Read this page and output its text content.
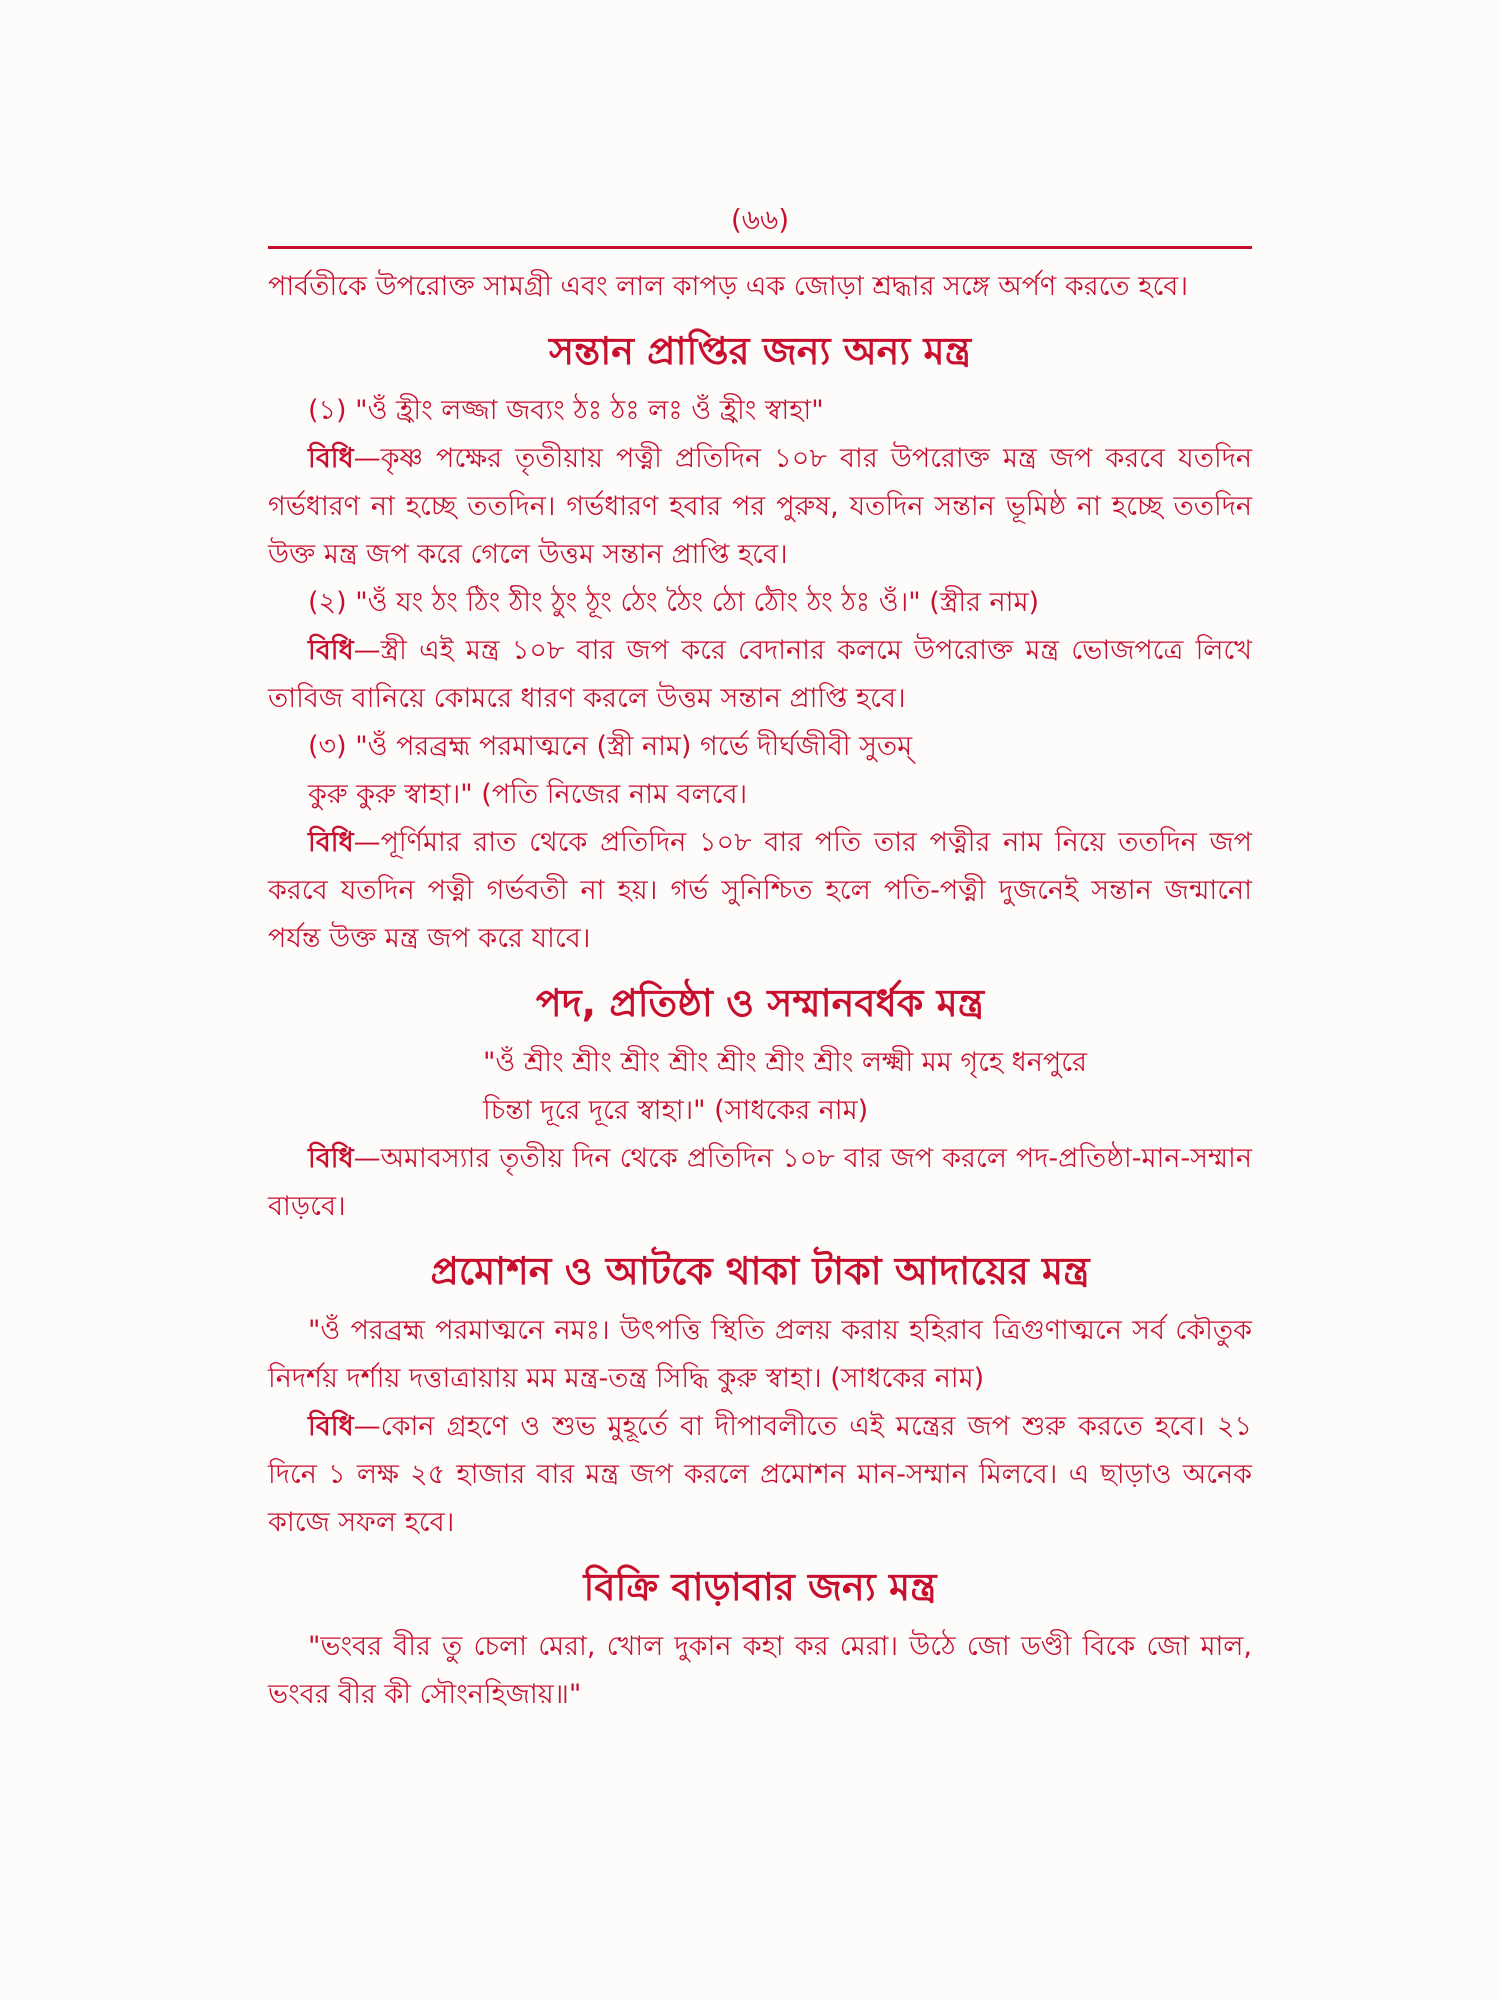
(৬৬)

পার্বতীকে উপরোক্ত সামগ্রী এবং লাল কাপড় এক জোড়া শ্রদ্ধার সঙ্গে অর্পণ করতে হবে।

সন্তান প্রাপ্তির জন্য অন্য মন্ত্র

(১) "ওঁ হ্রীং লজ্জা জব্যং ঠঃ ঠঃ লঃ ওঁ হ্রীং স্বাহা"

বিধি—কৃষ্ণ পক্ষের তৃতীয়ায় পত্নী প্রতিদিন ১০৮ বার উপরোক্ত মন্ত্র জপ করবে যতদিন গর্ভধারণ না হচ্ছে ততদিন। গর্ভধারণ হবার পর পুরুষ, যতদিন সন্তান ভূমিষ্ঠ না হচ্ছে ততদিন উক্ত মন্ত্র জপ করে গেলে উত্তম সন্তান প্রাপ্তি হবে।

(২) "ওঁ যং ঠং ঠিং ঠীং ঠুং ঠূং ঠেং ঠৈং ঠো ঠৌং ঠং ঠঃ ওঁ।" (স্ত্রীর নাম)

বিধি—স্ত্রী এই মন্ত্র ১০৮ বার জপ করে বেদানার কলমে উপরোক্ত মন্ত্র ভোজপত্রে লিখে তাবিজ বানিয়ে কোমরে ধারণ করলে উত্তম সন্তান প্রাপ্তি হবে।

(৩) "ওঁ পরব্রহ্ম পরমাত্মনে (স্ত্রী নাম) গর্ভে দীর্ঘজীবী সুতম্

কুরু কুরু স্বাহা।" (পতি নিজের নাম বলবে।

বিধি—পূর্ণিমার রাত থেকে প্রতিদিন ১০৮ বার পতি তার পত্নীর নাম নিয়ে ততদিন জপ করবে যতদিন পত্নী গর্ভবতী না হয়। গর্ভ সুনিশ্চিত হলে পতি-পত্নী দুজনেই সন্তান জন্মানো পর্যন্ত উক্ত মন্ত্র জপ করে যাবে।

পদ, প্রতিষ্ঠা ও সম্মানবর্ধক মন্ত্র

"ওঁ শ্রীং শ্রীং শ্রীং শ্রীং শ্রীং শ্রীং শ্রীং লক্ষ্মী মম গৃহে ধনপুরে

চিন্তা দূরে দূরে স্বাহা।" (সাধকের নাম)

বিধি—অমাবস্যার তৃতীয় দিন থেকে প্রতিদিন ১০৮ বার জপ করলে পদ-প্রতিষ্ঠা-মান-সম্মান বাড়বে।

প্রমোশন ও আটকে থাকা টাকা আদায়ের মন্ত্র

"ওঁ পরব্রহ্ম পরমাত্মনে নমঃ। উৎপত্তি স্থিতি প্রলয় করায় হহিরাব ত্রিগুণাত্মনে সর্ব কৌতুক নিদর্শয় দর্শায় দত্তাত্রায়ায় মম মন্ত্র-তন্ত্র সিদ্ধি কুরু স্বাহা। (সাধকের নাম)

বিধি—কোন গ্রহণে ও শুভ মুহূর্তে বা দীপাবলীতে এই মন্ত্রের জপ শুরু করতে হবে। ২১ দিনে ১ লক্ষ ২৫ হাজার বার মন্ত্র জপ করলে প্রমোশন মান-সম্মান মিলবে। এ ছাড়াও অনেক কাজে সফল হবে।

বিক্রি বাড়াবার জন্য মন্ত্র

"ভংবর বীর তু চেলা মেরা, খোল দুকান কহা কর মেরা। উঠে জো ডণ্ডী বিকে জো মাল, ভংবর বীর কী সৌংনহিজায়॥"
